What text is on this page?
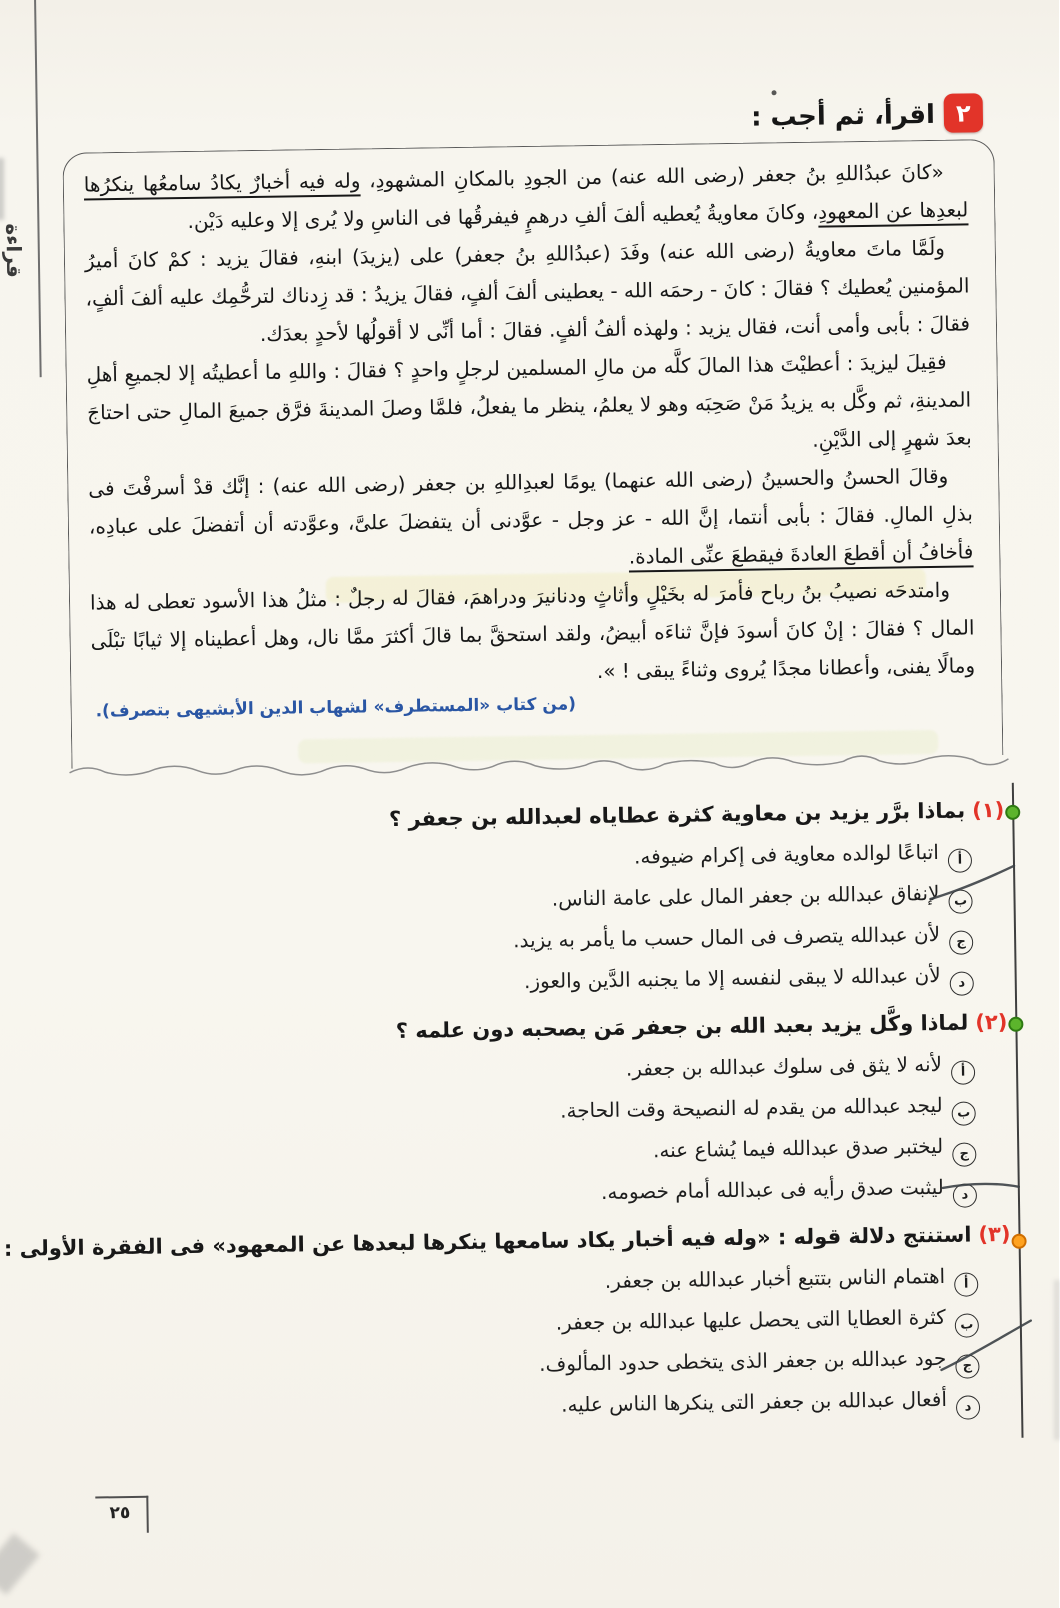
قراءة
٢
اقرأ، ثم أجب :

«كانَ عبدُاللهِ بنُ جعفر (رضى الله عنه) من الجودِ بالمكانِ المشهودِ، وله فيه أخبارٌ يكادُ سامعُها ينكرُها لبعدِها عن المعهودِ، وكانَ معاويةُ يُعطيه ألفَ ألفِ درهمٍ فيفرقُها فى الناسِ ولا يُرى إلا وعليه دَيْن.

ولَمَّا ماتَ معاويةُ (رضى الله عنه) وفَدَ (عبدُاللهِ بنُ جعفر) على (يزيدَ) ابنهِ، فقالَ يزيد : كمْ كانَ أميرُ المؤمنين يُعطيك ؟ فقالَ : كانَ - رحمَه الله - يعطينى ألفَ ألفٍ، فقالَ يزيدُ : قد زِدناك لترحُّمِك عليه ألفَ ألفٍ، فقالَ : بأبى وأمى أنت، فقال يزيد : ولهذه ألفُ ألفٍ. فقالَ : أما أنِّى لا أقولُها لأحدٍ بعدَك.

فقِيلَ ليزيدَ : أعطيْتَ هذا المالَ كلَّه من مالِ المسلمين لرجلٍ واحدٍ ؟ فقالَ : واللهِ ما أعطيتُه إلا لجميعِ أهلِ المدينةِ، ثم وكَّل به يزيدُ مَنْ صَحِبَه وهو لا يعلمُ، ينظر ما يفعلُ، فلمَّا وصلَ المدينةَ فرَّق جميعَ المالِ حتى احتاجَ بعدَ شهرٍ إلى الدَّيْنِ.

وقالَ الحسنُ والحسينُ (رضى الله عنهما) يومًا لعبدِاللهِ بن جعفر (رضى الله عنه) : إنَّك قدْ أسرفْتَ فى بذلِ المالِ. فقالَ : بأبى أنتما، إنَّ الله - عز وجل - عوَّدنى أن يتفضلَ علىَّ، وعوَّدته أن أتفضلَ على عبادِه، فأخافُ أن أقطعَ العادةَ فيقطعَ عنِّى المادة.

وامتدحَه نصيبُ بنُ رباح فأمرَ له بخَيْلٍ وأثاثٍ ودنانيرَ ودراهمَ، فقالَ له رجلٌ : مثلُ هذا الأسود تعطى له هذا المال ؟ فقالَ : إنْ كانَ أسودَ فإنَّ ثناءَه أبيضُ، ولقد استحقَّ بما قالَ أكثرَ ممَّا نال، وهل أعطيناه إلا ثيابًا تبْلَى ومالًا يفنى، وأعطانا مجدًا يُروى وثناءً يبقى ! ».

(من كتاب «المستطرف» لشهاب الدين الأبشيهى بتصرف).
(١)بماذا برَّر يزيد بن معاوية كثرة عطاياه لعبدالله بن جعفر ؟
أاتباعًا لوالده معاوية فى إكرام ضيوفه.
بلإنفاق عبدالله بن جعفر المال على عامة الناس.
جلأن عبدالله يتصرف فى المال حسب ما يأمر به يزيد.
دلأن عبدالله لا يبقى لنفسه إلا ما يجنبه الدَّين والعوز.
(٢)لماذا وكَّل يزيد بعبد الله بن جعفر مَن يصحبه دون علمه ؟
ألأنه لا يثق فى سلوك عبدالله بن جعفر.
بليجد عبدالله من يقدم له النصيحة وقت الحاجة.
جليختبر صدق عبدالله فيما يُشاع عنه.
دليثبت صدق رأيه فى عبدالله أمام خصومه.
(٣)استنتج دلالة قوله : «وله فيه أخبار يكاد سامعها ينكرها لبعدها عن المعهود» فى الفقرة الأولى :
أاهتمام الناس بتتبع أخبار عبدالله بن جعفر.
بكثرة العطايا التى يحصل عليها عبدالله بن جعفر.
ججود عبدالله بن جعفر الذى يتخطى حدود المألوف.
دأفعال عبدالله بن جعفر التى ينكرها الناس عليه.
٢٥
